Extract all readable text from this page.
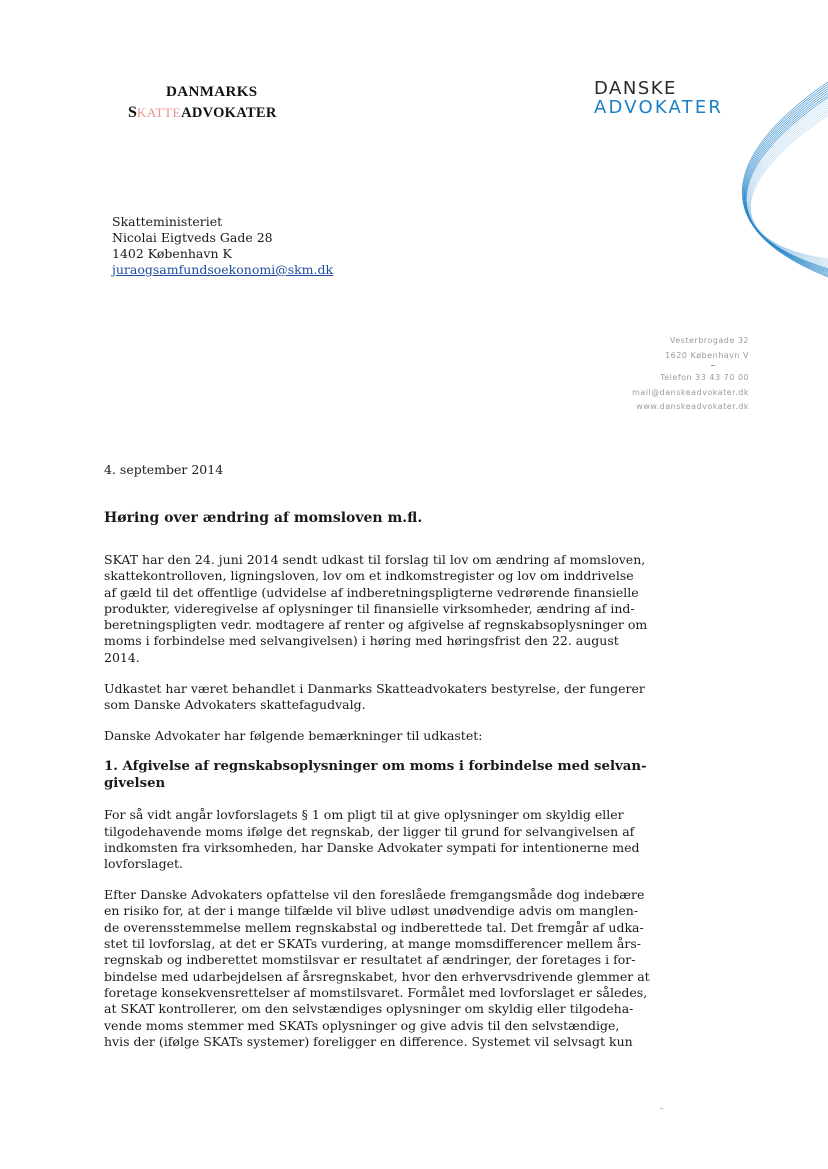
DANMARKS
SKATTEADVOKATER
DANSKE
ADVOKATER
Skatteministeriet
Nicolai Eigtveds Gade 28
1402 København K
juraogsamfundsoekonomi@skm.dk
Vesterbrogade 32
1620 København V
Telefon 33 43 70 00
mail@danskeadvokater.dk
www.danskeadvokater.dk
4. september 2014
Høring over ændring af momsloven m.fl.
SKAT har den 24. juni 2014 sendt udkast til forslag til lov om ændring af momsloven,
skattekontrolloven, ligningsloven, lov om et indkomstregister og lov om inddrivelse
af gæld til det offentlige (udvidelse af indberetningspligterne vedrørende finansielle
produkter, videregivelse af oplysninger til finansielle virksomheder, ændring af ind-
beretningspligten vedr. modtagere af renter og afgivelse af regnskabsoplysninger om
moms i forbindelse med selvangivelsen) i høring med høringsfrist den 22. august
2014.
Udkastet har været behandlet i Danmarks Skatteadvokaters bestyrelse, der fungerer
som Danske Advokaters skattefagudvalg.
Danske Advokater har følgende bemærkninger til udkastet:
1. Afgivelse af regnskabsoplysninger om moms i forbindelse med selvan-
givelsen
For så vidt angår lovforslagets § 1 om pligt til at give oplysninger om skyldig eller
tilgodehavende moms ifølge det regnskab, der ligger til grund for selvangivelsen af
indkomsten fra virksomheden, har Danske Advokater sympati for intentionerne med
lovforslaget.
Efter Danske Advokaters opfattelse vil den foreslåede fremgangsmåde dog indebære
en risiko for, at der i mange tilfælde vil blive udløst unødvendige advis om manglen-
de overensstemmelse mellem regnskabstal og indberettede tal. Det fremgår af udka-
stet til lovforslag, at det er SKATs vurdering, at mange momsdifferencer mellem års-
regnskab og indberettet momstilsvar er resultatet af ændringer, der foretages i for-
bindelse med udarbejdelsen af årsregnskabet, hvor den erhvervsdrivende glemmer at
foretage konsekvensrettelser af momstilsvaret. Formålet med lovforslaget er således,
at SKAT kontrollerer, om den selvstændiges oplysninger om skyldig eller tilgodeha-
vende moms stemmer med SKATs oplysninger og give advis til den selvstændige,
hvis der (ifølge SKATs systemer) foreligger en difference. Systemet vil selvsagt kun
